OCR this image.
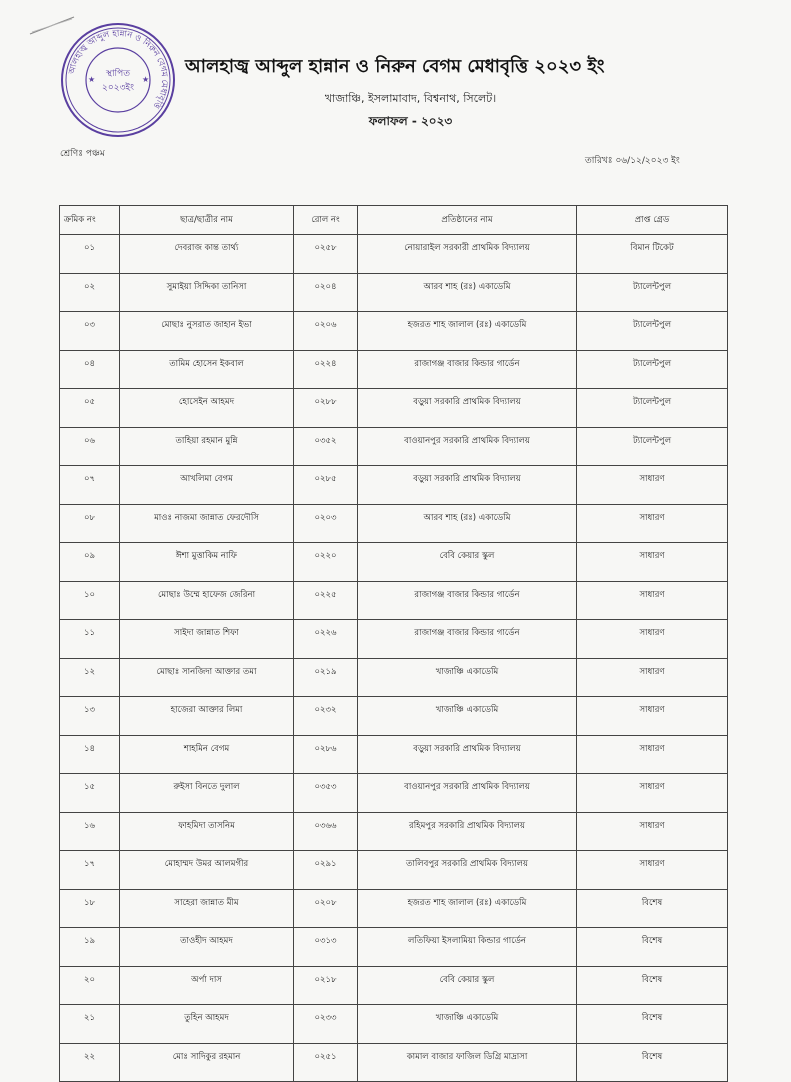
আলহাজ্ব আব্দুল হান্নান ও নিরুন বেগম মেধাবৃত্তি
স্থাপিত
২০২৩ইং
★	★
আলহাজ্ব আব্দুল হান্নান ও নিরুন বেগম মেধাবৃত্তি ২০২৩ ইং
খাজাঞ্চি, ইসলামাবাদ, বিশ্বনাথ, সিলেট।
ফলাফল - ২০২৩
শ্রেণিঃ পঞ্চম
তারিখঃ ০৬/১২/২০২৩ ইং
ক্রমিক নং	ছাত্র/ছাত্রীর নাম	রোল নং	প্রতিষ্ঠানের নাম	প্রাপ্ত গ্রেড
০১	দেবরাজ কান্ত তার্থ্য	০২৫৮	নোয়ারাইল সরকারী প্রাথমিক বিদ্যালয়	বিমান টিকেট
০২	সুমাইয়া সিদ্দিকা তানিসা	০২০৪	আরব শাহ (রঃ) একাডেমি	ট্যালেন্টপুল
০৩	মোছাঃ নুসরাত জাহান ইভা	০২০৬	হজরত শাহ জালাল (রঃ) একাডেমি	ট্যালেন্টপুল
০৪	তামিম হোসেন ইকবাল	০২২৪	রাজাগঞ্জ বাজার কিন্ডার গার্ডেন	ট্যালেন্টপুল
০৫	হোসেইন আহমদ	০২৮৮	বড়ুয়া সরকারি প্রাথমিক বিদ্যালয়	ট্যালেন্টপুল
০৬	তাহিয়া রহমান মুন্নি	০৩৫২	বাওয়ানপুর সরকারি প্রাথমিক বিদ্যালয়	ট্যালেন্টপুল
০৭	আখলিমা বেগম	০২৮৫	বড়ুয়া সরকারি প্রাথমিক বিদ্যালয়	সাধারণ
০৮	মাওঃ নাজমা জান্নাত ফেরদৌসি	০২০৩	আরব শাহ (রঃ) একাডেমি	সাধারণ
০৯	ঈশা মুত্তাকিম নাফি	০২২০	বেবি কেয়ার স্কুল	সাধারণ
১০	মোছাঃ উম্মে হাফেজ জেরিনা	০২২৫	রাজাগঞ্জ বাজার কিন্ডার গার্ডেন	সাধারণ
১১	সাইদা জান্নাত শিফা	০২২৬	রাজাগঞ্জ বাজার কিন্ডার গার্ডেন	সাধারণ
১২	মোছাঃ সানজিদা আক্তার তমা	০২১৯	খাজাঞ্চি একাডেমি	সাধারণ
১৩	হাজেরা আক্তার লিমা	০২৩২	খাজাঞ্চি একাডেমি	সাধারণ
১৪	শাহমিন বেগম	০২৮৬	বড়ুয়া সরকারি প্রাথমিক বিদ্যালয়	সাধারণ
১৫	রুইসা বিনতে দুলাল	০৩৫৩	বাওয়ানপুর সরকারি প্রাথমিক বিদ্যালয়	সাধারণ
১৬	ফাহমিদা তাসনিম	০৩৬৬	রহিমপুর সরকারি প্রাথমিক বিদ্যালয়	সাধারণ
১৭	মোহাম্মদ উমর আলমগীর	০২৯১	তালিবপুর সরকারি প্রাথমিক বিদ্যালয়	সাধারণ
১৮	সাহেরা জান্নাত মীম	০২০৮	হজরত শাহ জালাল (রঃ) একাডেমি	বিশেষ
১৯	তাওহীদ আহমদ	০৩১৩	লতিফিয়া ইসলামিয়া কিন্ডার গার্ডেন	বিশেষ
২০	অর্পা দাস	০২১৮	বেবি কেয়ার স্কুল	বিশেষ
২১	তুহিন আহমদ	০২৩৩	খাজাঞ্চি একাডেমি	বিশেষ
২২	মোঃ সাদিকুর রহমান	০২৫১	কামাল বাজার ফাজিল ডিগ্রি মাদ্রাসা	বিশেষ
